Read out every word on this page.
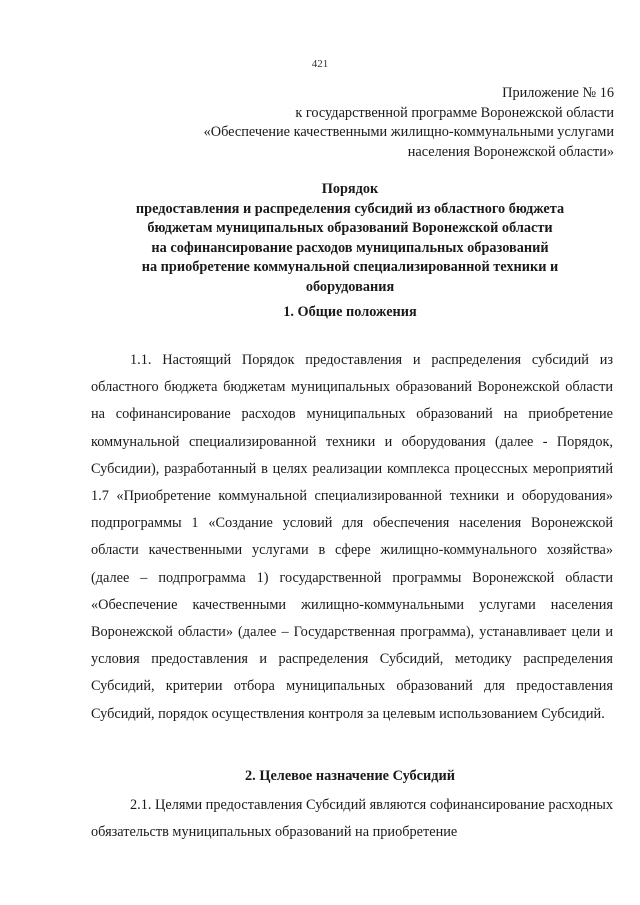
421
Приложение № 16
к государственной программе Воронежской области
«Обеспечение качественными жилищно-коммунальными услугами
населения Воронежской области»
Порядок
предоставления и распределения субсидий из областного бюджета
бюджетам муниципальных образований Воронежской области
на софинансирование расходов муниципальных образований
на приобретение коммунальной специализированной техники и
оборудования
1. Общие положения
1.1. Настоящий Порядок предоставления и распределения субсидий из областного бюджета бюджетам муниципальных образований Воронежской области на софинансирование расходов муниципальных образований на приобретение коммунальной специализированной техники и оборудования (далее - Порядок, Субсидии), разработанный в целях реализации комплекса процессных мероприятий 1.7 «Приобретение коммунальной специализированной техники и оборудования» подпрограммы 1 «Создание условий для обеспечения населения Воронежской области качественными услугами в сфере жилищно-коммунального хозяйства» (далее – подпрограмма 1) государственной программы Воронежской области «Обеспечение качественными жилищно-коммунальными услугами населения Воронежской области» (далее – Государственная программа), устанавливает цели и условия предоставления и распределения Субсидий, методику распределения Субсидий, критерии отбора муниципальных образований для предоставления Субсидий, порядок осуществления контроля за целевым использованием Субсидий.
2. Целевое назначение Субсидий
2.1. Целями предоставления Субсидий являются софинансирование расходных обязательств муниципальных образований на приобретение
